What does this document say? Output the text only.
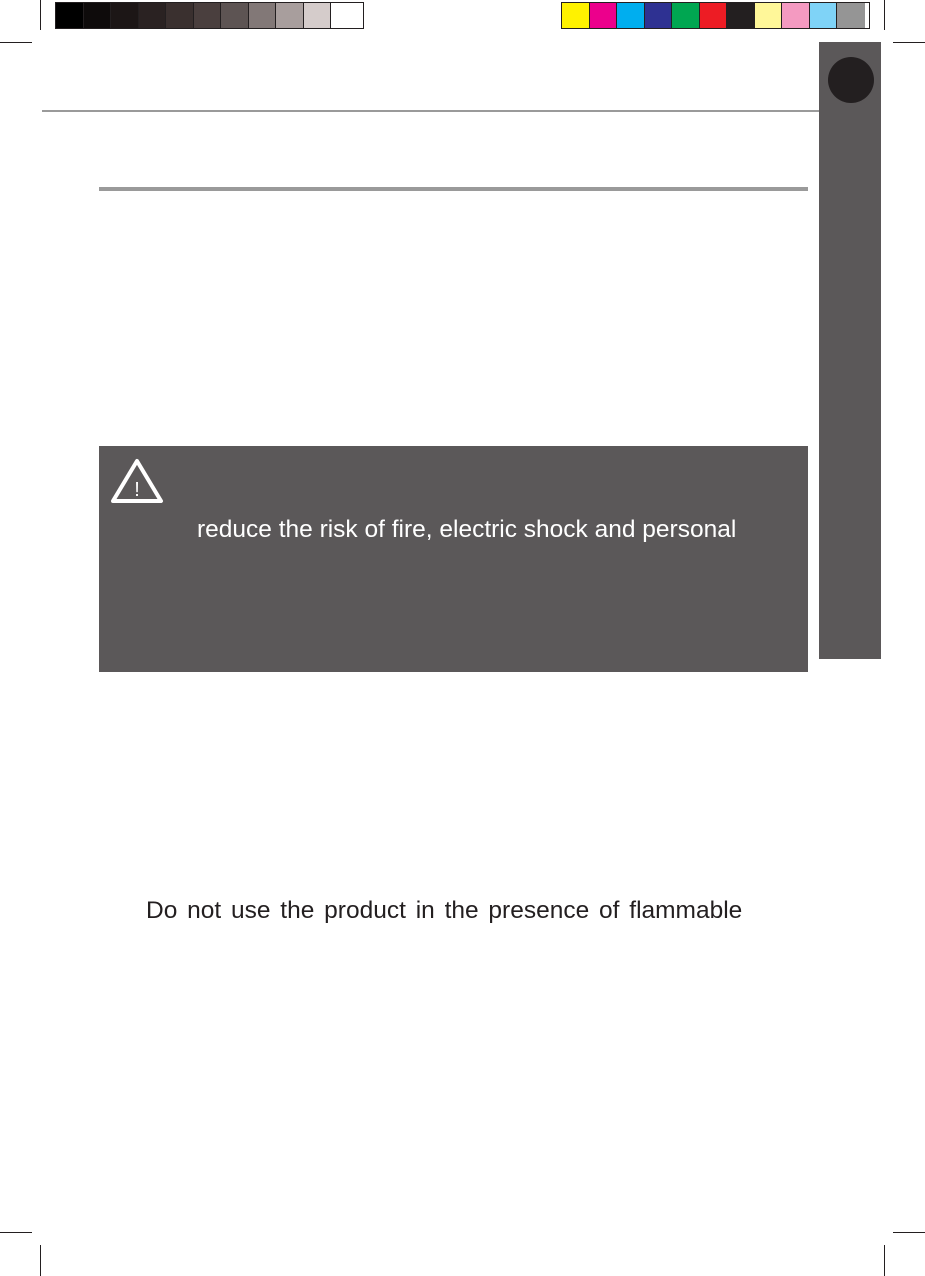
!
reduce the risk of fire, electric shock and personal
Do not use the product in the presence of flammable
